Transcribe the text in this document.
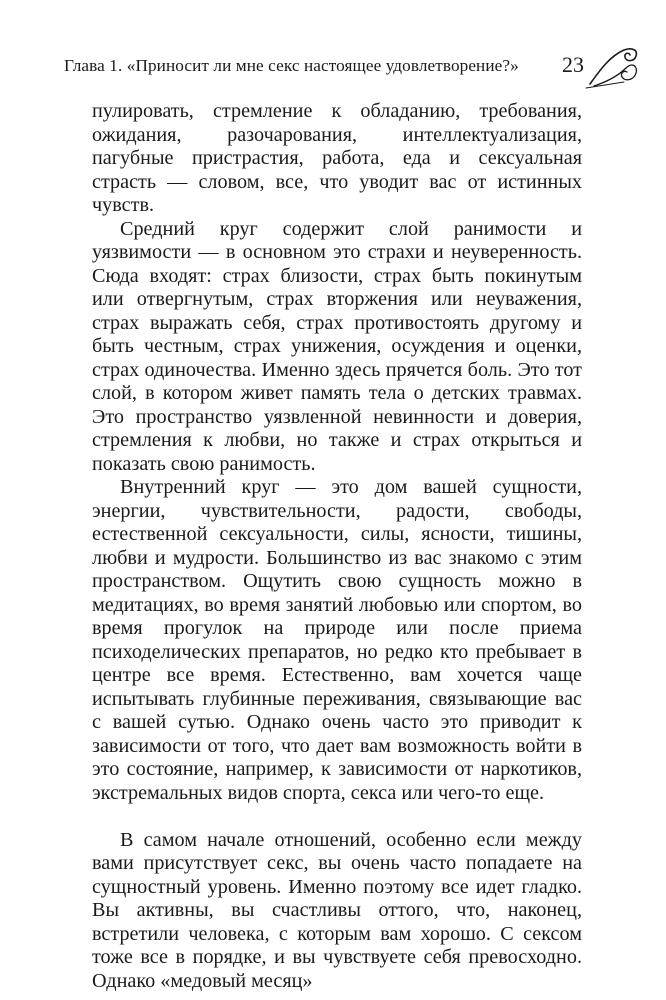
Глава 1. «Приносит ли мне секс настоящее удовлетворение?» 23

пулировать, стремление к обладанию, требования, ожидания, разочарования, интеллектуализация, пагубные пристрастия, работа, еда и сексуальная страсть — словом, все, что уводит вас от истинных чувств.

Средний круг содержит слой ранимости и уязвимости — в основном это страхи и неуверенность. Сюда входят: страх близости, страх быть покинутым или отвергнутым, страх вторжения или неуважения, страх выражать себя, страх противостоять другому и быть честным, страх унижения, осуждения и оценки, страх одиночества. Именно здесь прячется боль. Это тот слой, в котором живет память тела о детских травмах. Это пространство уязвленной невинности и доверия, стремления к любви, но также и страх открыться и показать свою ранимость.

Внутренний круг — это дом вашей сущности, энергии, чувствительности, радости, свободы, естественной сексуальности, силы, ясности, тишины, любви и мудрости. Большинство из вас знакомо с этим пространством. Ощутить свою сущность можно в медитациях, во время занятий любовью или спортом, во время прогулок на природе или после приема психоделических препаратов, но редко кто пребывает в центре все время. Естественно, вам хочется чаще испытывать глубинные переживания, связывающие вас с вашей сутью. Однако очень часто это приводит к зависимости от того, что дает вам возможность войти в это состояние, например, к зависимости от наркотиков, экстремальных видов спорта, секса или чего-то еще.

В самом начале отношений, особенно если между вами присутствует секс, вы очень часто попадаете на сущностный уровень. Именно поэтому все идет гладко. Вы активны, вы счастливы оттого, что, наконец, встретили человека, с которым вам хорошо. С сексом тоже все в порядке, и вы чувствуете себя превосходно. Однако «медовый месяц»
